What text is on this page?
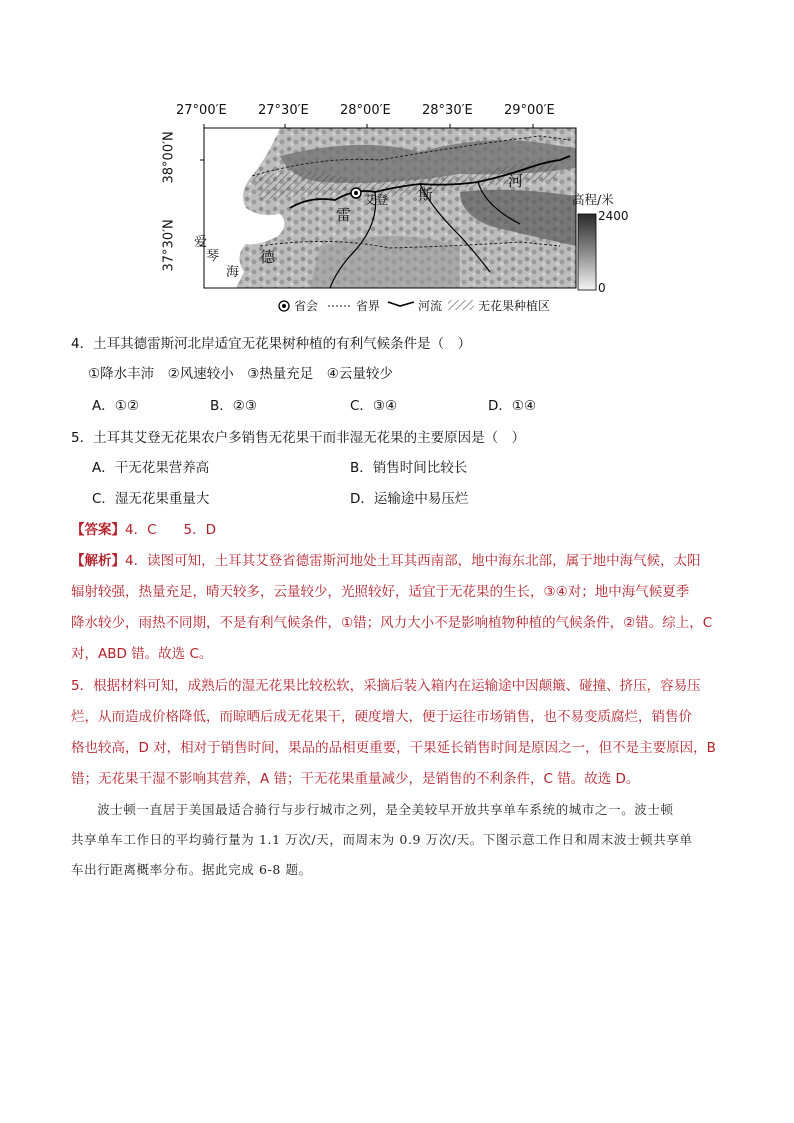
27°00′E 27°30′E 28°00′E 28°30′E 29°00′E
38°00′N
37°30′N
艾登
雷
斯
河
爱
琴
海
德
高程/米
2400
0
省会	省界	河流	无花果种植区
4．土耳其德雷斯河北岸适宜无花果树种植的有利气候条件是（　）
①降水丰沛　②风速较小　③热量充足　④云量较少
A．①②	B．②③	C．③④	D．①④
5．土耳其艾登无花果农户多销售无花果干而非湿无花果的主要原因是（　）
A．干无花果营养高	B．销售时间比较长
C．湿无花果重量大	D．运输途中易压烂
【答案】4．C　　5．D
【解析】4．读图可知，土耳其艾登省德雷斯河地处土耳其西南部，地中海东北部，属于地中海气候，太阳
辐射较强，热量充足，晴天较多，云量较少，光照较好，适宜于无花果的生长，③④对；地中海气候夏季
降水较少，雨热不同期，不是有利气候条件，①错；风力大小不是影响植物种植的气候条件，②错。综上，C
对，ABD 错。故选 C。
5．根据材料可知，成熟后的湿无花果比较松软，采摘后装入箱内在运输途中因颠簸、碰撞、挤压，容易压
烂，从而造成价格降低，而晾晒后成无花果干，硬度增大，便于运往市场销售，也不易变质腐烂，销售价
格也较高，D 对，相对于销售时间，果品的品相更重要，干果延长销售时间是原因之一，但不是主要原因，B
错；无花果干湿不影响其营养，A 错；干无花果重量减少，是销售的不利条件，C 错。故选 D。
　　波士顿一直居于美国最适合骑行与步行城市之列，是全美较早开放共享单车系统的城市之一。波士顿
共享单车工作日的平均骑行量为 1.1 万次/天，而周末为 0.9 万次/天。下图示意工作日和周末波士顿共享单
车出行距离概率分布。据此完成 6-8 题。
